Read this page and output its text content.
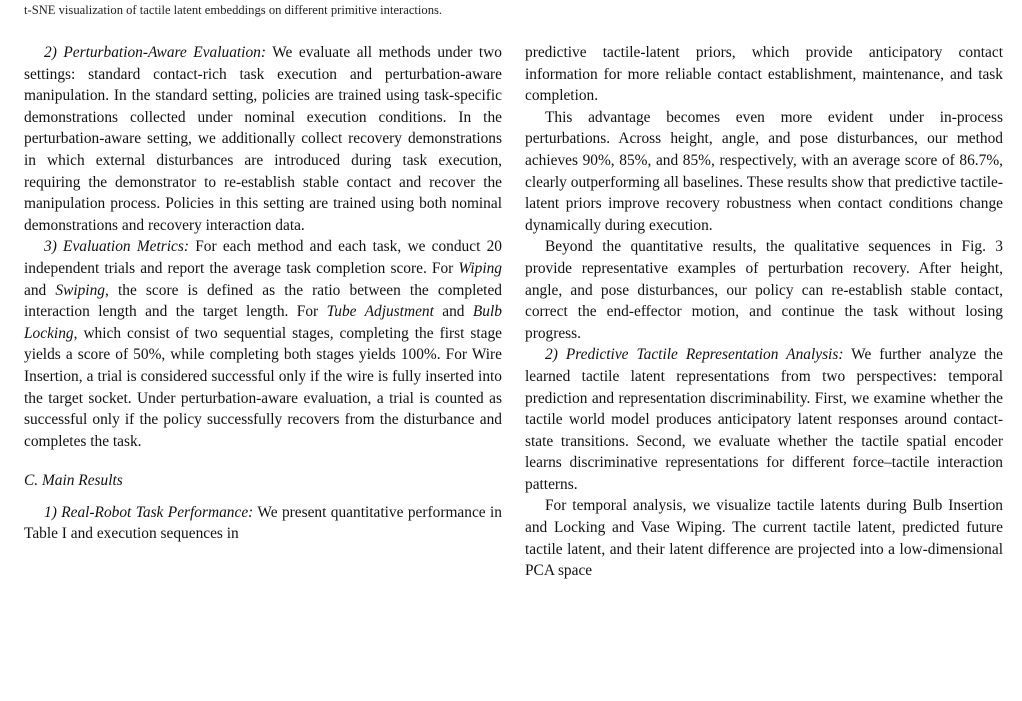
t-SNE visualization of tactile latent embeddings on different primitive interactions.

2) Perturbation-Aware Evaluation: We evaluate all methods under two settings: standard contact-rich task execution and perturbation-aware manipulation. In the standard setting, policies are trained using task-specific demonstrations collected under nominal execution conditions. In the perturbation-aware setting, we additionally collect recovery demonstrations in which external disturbances are introduced during task execution, requiring the demonstrator to re-establish stable contact and recover the manipulation process. Policies in this setting are trained using both nominal demonstrations and recovery interaction data.

3) Evaluation Metrics: For each method and each task, we conduct 20 independent trials and report the average task completion score. For Wiping and Swiping, the score is defined as the ratio between the completed interaction length and the target length. For Tube Adjustment and Bulb Locking, which consist of two sequential stages, completing the first stage yields a score of 50%, while completing both stages yields 100%. For Wire Insertion, a trial is considered successful only if the wire is fully inserted into the target socket. Under perturbation-aware evaluation, a trial is counted as successful only if the policy successfully recovers from the disturbance and completes the task.

C. Main Results

1) Real-Robot Task Performance: We present quantitative performance in Table I and execution sequences in

predictive tactile-latent priors, which provide anticipatory contact information for more reliable contact establishment, maintenance, and task completion.

This advantage becomes even more evident under in-process perturbations. Across height, angle, and pose disturbances, our method achieves 90%, 85%, and 85%, respectively, with an average score of 86.7%, clearly outperforming all baselines. These results show that predictive tactile-latent priors improve recovery robustness when contact conditions change dynamically during execution.

Beyond the quantitative results, the qualitative sequences in Fig. 3 provide representative examples of perturbation recovery. After height, angle, and pose disturbances, our policy can re-establish stable contact, correct the end-effector motion, and continue the task without losing progress.

2) Predictive Tactile Representation Analysis: We further analyze the learned tactile latent representations from two perspectives: temporal prediction and representation discriminability. First, we examine whether the tactile world model produces anticipatory latent responses around contact-state transitions. Second, we evaluate whether the tactile spatial encoder learns discriminative representations for different force–tactile interaction patterns.

For temporal analysis, we visualize tactile latents during Bulb Insertion and Locking and Vase Wiping. The current tactile latent, predicted future tactile latent, and their latent difference are projected into a low-dimensional PCA space
